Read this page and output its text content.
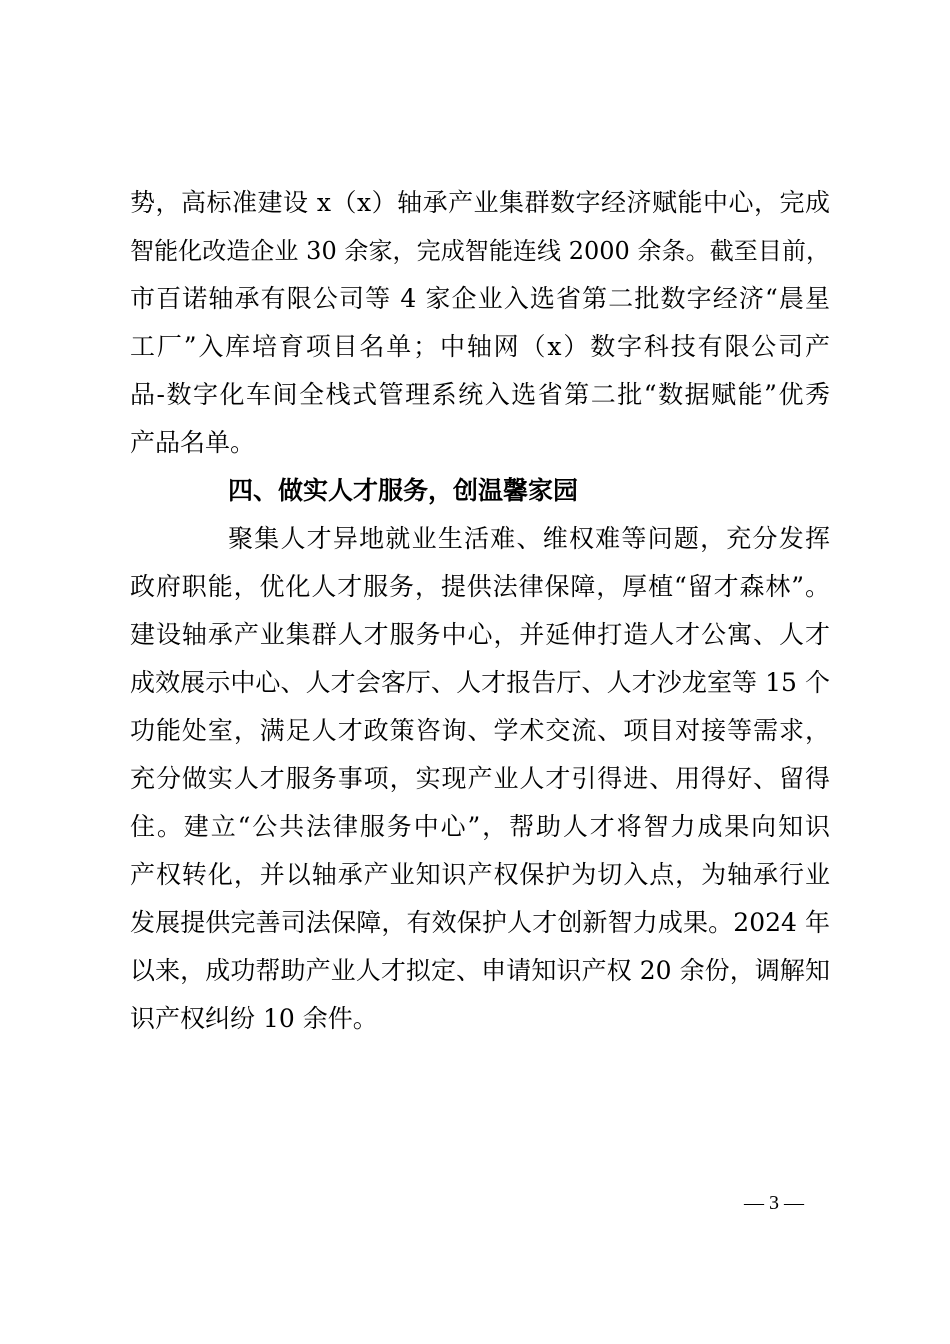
势，高标准建设 x（x）轴承产业集群数字经济赋能中心，完成
智能化改造企业 30 余家，完成智能连线 2000 余条。截至目前，
市百诺轴承有限公司等 4 家企业入选省第二批数字经济“晨星
工厂”入库培育项目名单；中轴网（x）数字科技有限公司产
品-数字化车间全栈式管理系统入选省第二批“数据赋能”优秀
产品名单。
四、做实人才服务，创温馨家园
聚集人才异地就业生活难、维权难等问题，充分发挥
政府职能，优化人才服务，提供法律保障，厚植“留才森林”。
建设轴承产业集群人才服务中心，并延伸打造人才公寓、人才
成效展示中心、人才会客厅、人才报告厅、人才沙龙室等 15 个
功能处室，满足人才政策咨询、学术交流、项目对接等需求，
充分做实人才服务事项，实现产业人才引得进、用得好、留得
住。建立“公共法律服务中心”，帮助人才将智力成果向知识
产权转化，并以轴承产业知识产权保护为切入点，为轴承行业
发展提供完善司法保障，有效保护人才创新智力成果。2024 年
以来，成功帮助产业人才拟定、申请知识产权 20 余份，调解知
识产权纠纷 10 余件。
— 3 —
